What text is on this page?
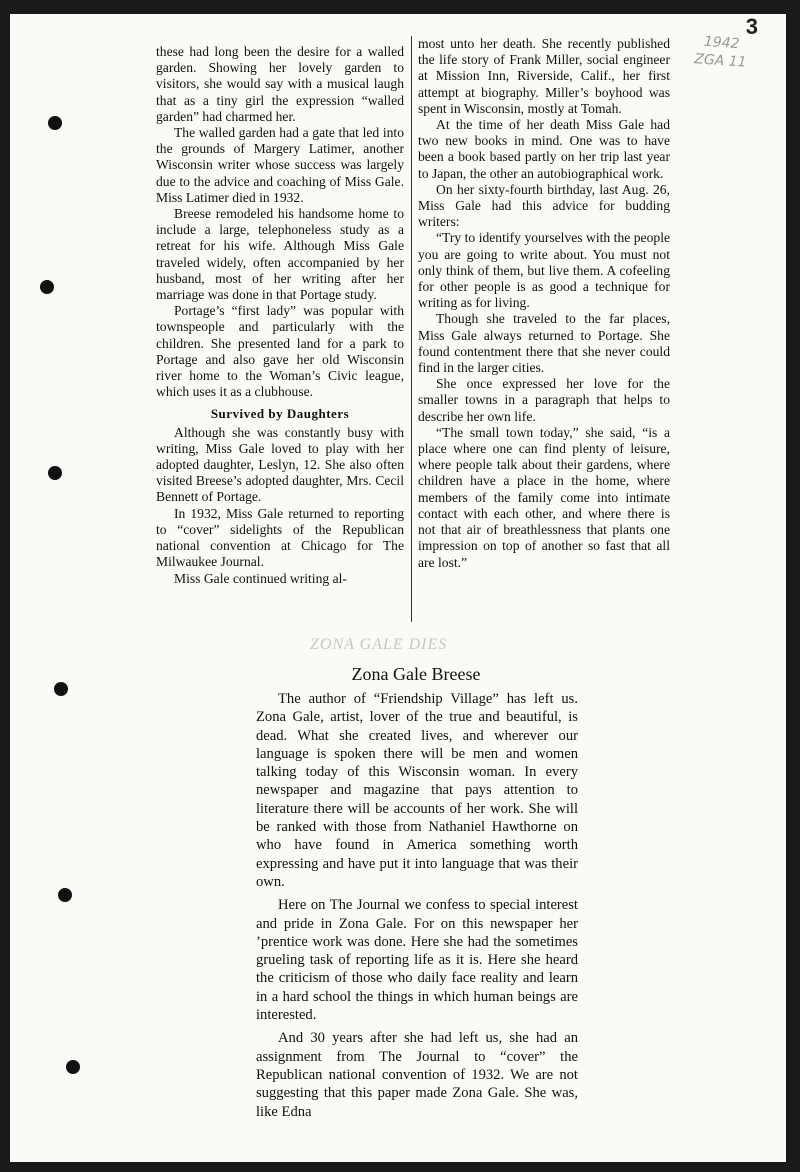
3
1942 ZGA 11

these had long been the desire for a walled garden. Showing her lovely garden to visitors, she would say with a musical laugh that as a tiny girl the expression “walled garden” had charmed her.

The walled garden had a gate that led into the grounds of Margery Latimer, another Wisconsin writer whose success was largely due to the advice and coaching of Miss Gale. Miss Latimer died in 1932.

Breese remodeled his handsome home to include a large, telephoneless study as a retreat for his wife. Although Miss Gale traveled widely, often accompanied by her husband, most of her writing after her marriage was done in that Portage study.

Portage’s “first lady” was popular with townspeople and particularly with the children. She presented land for a park to Portage and also gave her old Wisconsin river home to the Woman’s Civic league, which uses it as a clubhouse.

Survived by Daughters

Although she was constantly busy with writing, Miss Gale loved to play with her adopted daughter, Leslyn, 12. She also often visited Breese’s adopted daughter, Mrs. Cecil Bennett of Portage.

In 1932, Miss Gale returned to reporting to “cover” sidelights of the Republican national convention at Chicago for The Milwaukee Journal.

Miss Gale continued writing al-

most unto her death. She recently published the life story of Frank Miller, social engineer at Mission Inn, Riverside, Calif., her first attempt at biography. Miller’s boyhood was spent in Wisconsin, mostly at Tomah.

At the time of her death Miss Gale had two new books in mind. One was to have been a book based partly on her trip last year to Japan, the other an autobiographical work.

On her sixty-fourth birthday, last Aug. 26, Miss Gale had this advice for budding writers:

“Try to identify yourselves with the people you are going to write about. You must not only think of them, but live them. A cofeeling for other people is as good a technique for writing as for living.

Though she traveled to the far places, Miss Gale always returned to Portage. She found contentment there that she never could find in the larger cities.

She once expressed her love for the smaller towns in a paragraph that helps to describe her own life.

“The small town today,” she said, “is a place where one can find plenty of leisure, where people talk about their gardens, where children have a place in the home, where members of the family come into intimate contact with each other, and where there is not that air of breathlessness that plants one impression on top of another so fast that all are lost.”

ZONA GALE DIES
Zona Gale Breese

The author of “Friendship Village” has left us. Zona Gale, artist, lover of the true and beautiful, is dead. What she created lives, and wherever our language is spoken there will be men and women talking today of this Wisconsin woman. In every newspaper and magazine that pays attention to literature there will be accounts of her work. She will be ranked with those from Nathaniel Hawthorne on who have found in America something worth expressing and have put it into language that was their own.

Here on The Journal we confess to special interest and pride in Zona Gale. For on this newspaper her ’prentice work was done. Here she had the sometimes grueling task of reporting life as it is. Here she heard the criticism of those who daily face reality and learn in a hard school the things in which human beings are interested.

And 30 years after she had left us, she had an assignment from The Journal to “cover” the Republican national convention of 1932. We are not suggesting that this paper made Zona Gale. She was, like Edna
